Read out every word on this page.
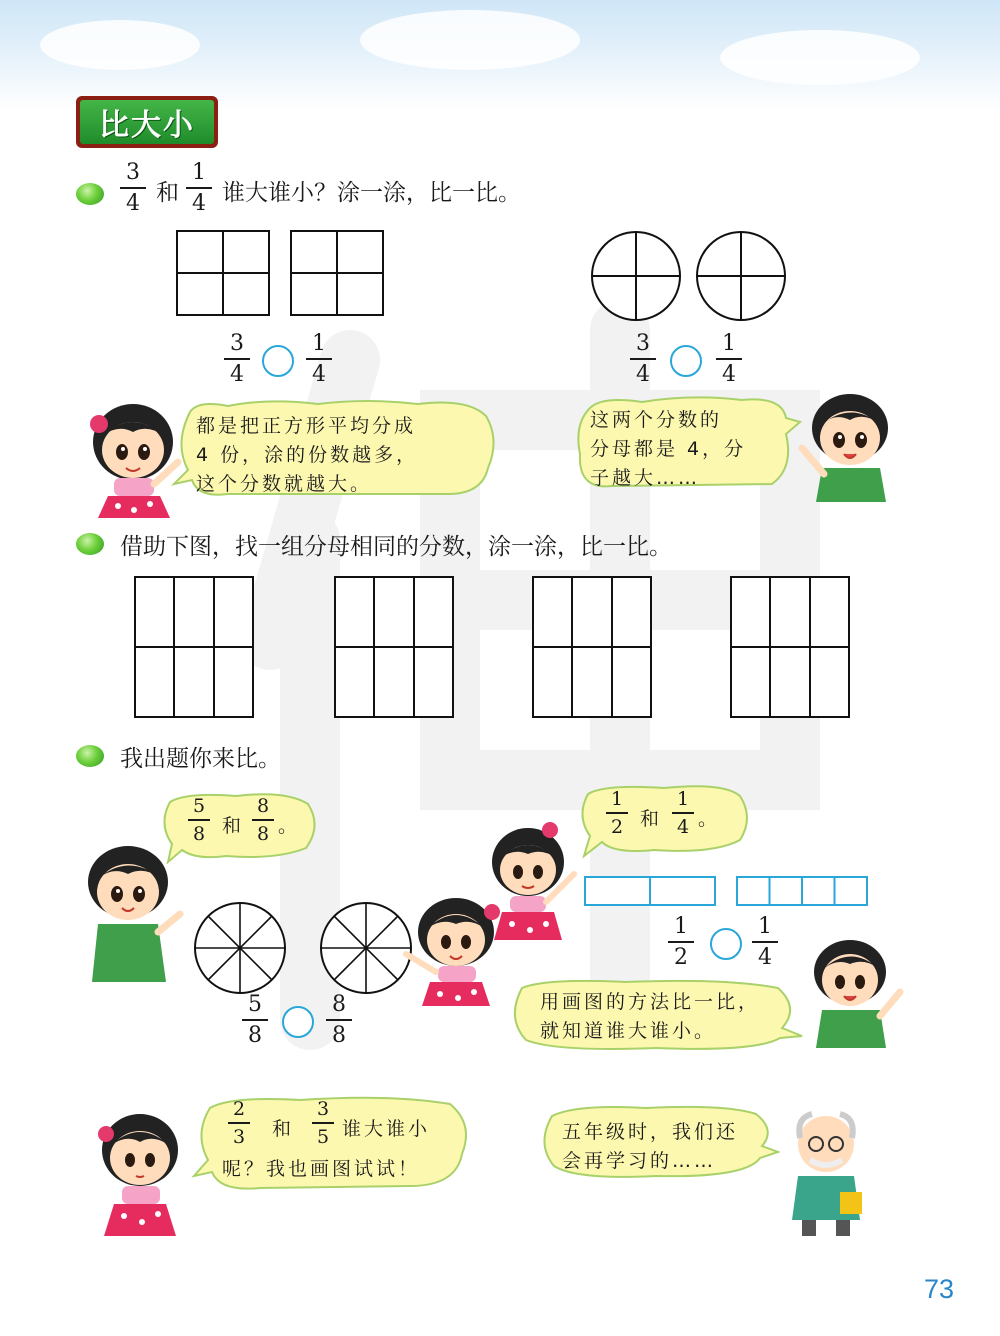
比大小
3
4 和
1
4 谁大谁小？涂一涂，比一比。
3
4
1
4
3
4
1
4
都是把正方形平均分成
4 份，涂的份数越多，
这个分数就越大。
这两个分数的
分母都是 4，分
子越大……
借助下图，找一组分母相同的分数，涂一涂，比一比。
我出题你来比。
5
8 和
8
8 。
5
8
8
8
1
2 和
1
4 。
1
2
1
4
用画图的方法比一比，
就知道谁大谁小。
2
3 和
3
5 谁大谁小
呢？我也画图试试！
五年级时，我们还
会再学习的……
73
